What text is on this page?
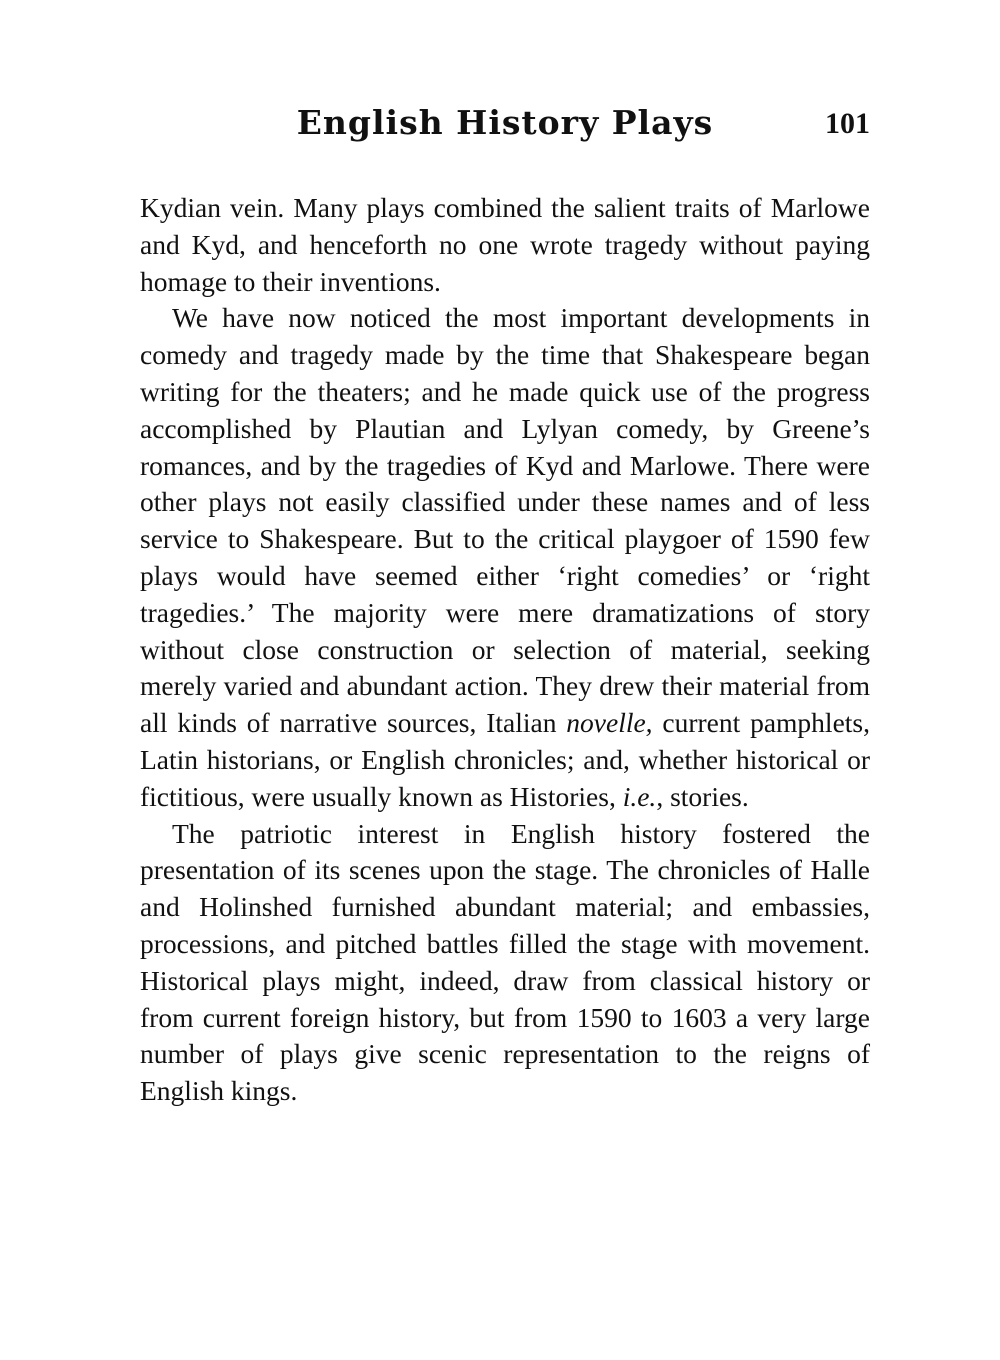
English History Plays	101

Kydian vein. Many plays combined the salient traits of Marlowe and Kyd, and henceforth no one wrote tragedy without paying homage to their inventions.

We have now noticed the most important developments in comedy and tragedy made by the time that Shakespeare began writing for the theaters; and he made quick use of the progress accomplished by Plautian and Lylyan comedy, by Greene’s romances, and by the tragedies of Kyd and Marlowe. There were other plays not easily classified under these names and of less service to Shakespeare. But to the critical playgoer of 1590 few plays would have seemed either ‘right comedies’ or ‘right tragedies.’ The majority were mere dramatizations of story without close construction or selection of material, seeking merely varied and abundant action. They drew their material from all kinds of narrative sources, Italian novelle, current pamphlets, Latin historians, or English chronicles; and, whether historical or fictitious, were usually known as Histories, i.e., stories.

The patriotic interest in English history fostered the presentation of its scenes upon the stage. The chronicles of Halle and Holinshed furnished abundant material; and embassies, processions, and pitched battles filled the stage with movement. Historical plays might, indeed, draw from classical history or from current foreign history, but from 1590 to 1603 a very large number of plays give scenic representation to the reigns of English kings.
